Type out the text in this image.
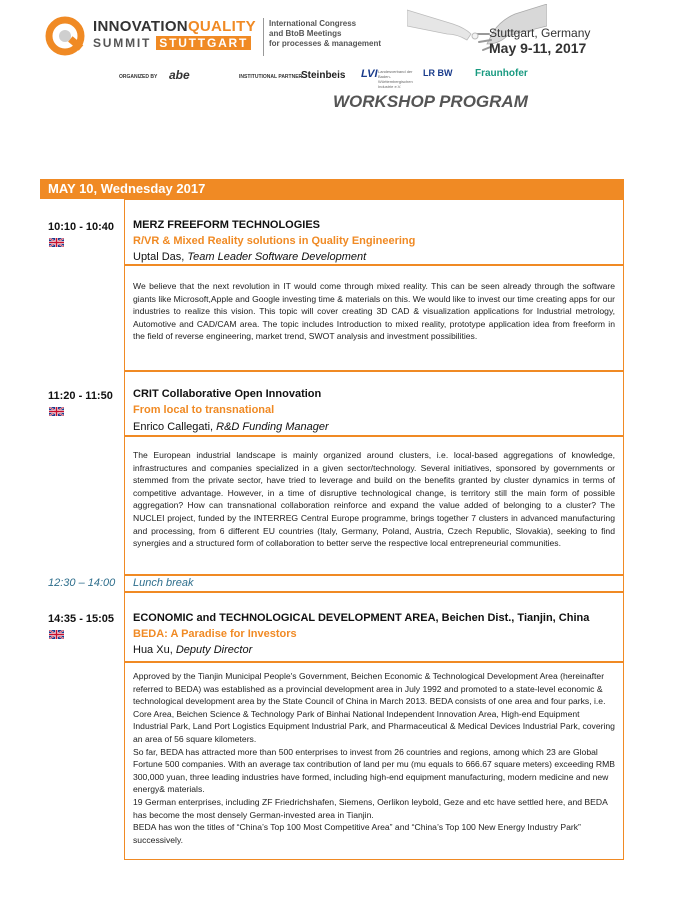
INNOVATIONQUALITY
SUMMIT STUTTGART
International Congress
and BtoB Meetings
for processes & management
Stuttgart, Germany
May 9-11, 2017
ORGANIZED BY abe	INSTITUTIONAL PARTNER
Steinbeis LVI Landesverband der Baden-Württembergischen Industrie e.V.
LR BW Fraunhofer
WORKSHOP PROGRAM
MAY 10, Wednesday 2017
10:10 - 10:40 MERZ FREEFORM TECHNOLOGIES
R/VR & Mixed Reality solutions in Quality Engineering
Uptal Das, Team Leader Software Development
We believe that the next revolution in IT would come through mixed reality. This can be seen already through the software giants like Microsoft,Apple and Google investing time & materials on this. We would like to invest our time creating apps for our industries to realize this vision. This topic will cover creating 3D CAD & visualization applications for Industrial metrology, Automotive and CAD/CAM area. The topic includes Introduction to mixed reality, prototype application idea from freeform in the field of reverse engineering, market trend, SWOT analysis and investment possibilities.
11:20 - 11:50 CRIT Collaborative Open Innovation
From local to transnational
Enrico Callegati, R&D Funding Manager
The European industrial landscape is mainly organized around clusters, i.e. local-based aggregations of knowledge, infrastructures and companies specialized in a given sector/technology. Several initiatives, sponsored by governments or stemmed from the private sector, have tried to leverage and build on the benefits granted by cluster dynamics in terms of competitive advantage. However, in a time of disruptive technological change, is territory still the main form of possible aggregation? How can transnational collaboration reinforce and expand the value added of belonging to a cluster? The NUCLEI project, funded by the INTERREG Central Europe programme, brings together 7 clusters in advanced manufacturing and processing, from 6 different EU countries (Italy, Germany, Poland, Austria, Czech Republic, Slovakia), seeking to find synergies and a structured form of collaboration to better serve the respective local entrepreneurial communities.
12:30 – 14:00 Lunch break
14:35 - 15:05 ECONOMIC and TECHNOLOGICAL DEVELOPMENT AREA, Beichen Dist., Tianjin, China
BEDA: A Paradise for Investors
Hua Xu, Deputy Director

Approved by the Tianjin Municipal People's Government, Beichen Economic & Technological Development Area (hereinafter referred to BEDA) was established as a provincial development area in July 1992 and promoted to a state-level economic & technological development area by the State Council of China in March 2013. BEDA consists of one area and four parks, i.e. Core Area, Beichen Science & Technology Park of Binhai National Independent Innovation Area, High-end Equipment Industrial Park, Land Port Logistics Equipment Industrial Park, and Pharmaceutical & Medical Devices Industrial Park, covering an area of 56 square kilometers.

So far, BEDA has attracted more than 500 enterprises to invest from 26 countries and regions, among which 23 are Global Fortune 500 companies. With an average tax contribution of land per mu (mu equals to 666.67 square meters) exceeding RMB 300,000 yuan, three leading industries have formed, including high-end equipment manufacturing, modern medicine and new energy& materials.

19 German enterprises, including ZF Friedrichshafen, Siemens, Oerlikon leybold, Geze and etc have settled here, and BEDA has become the most densely German-invested area in Tianjin.

BEDA has won the titles of “China’s Top 100 Most Competitive Area” and “China’s Top 100 New Energy Industry Park” successively.
